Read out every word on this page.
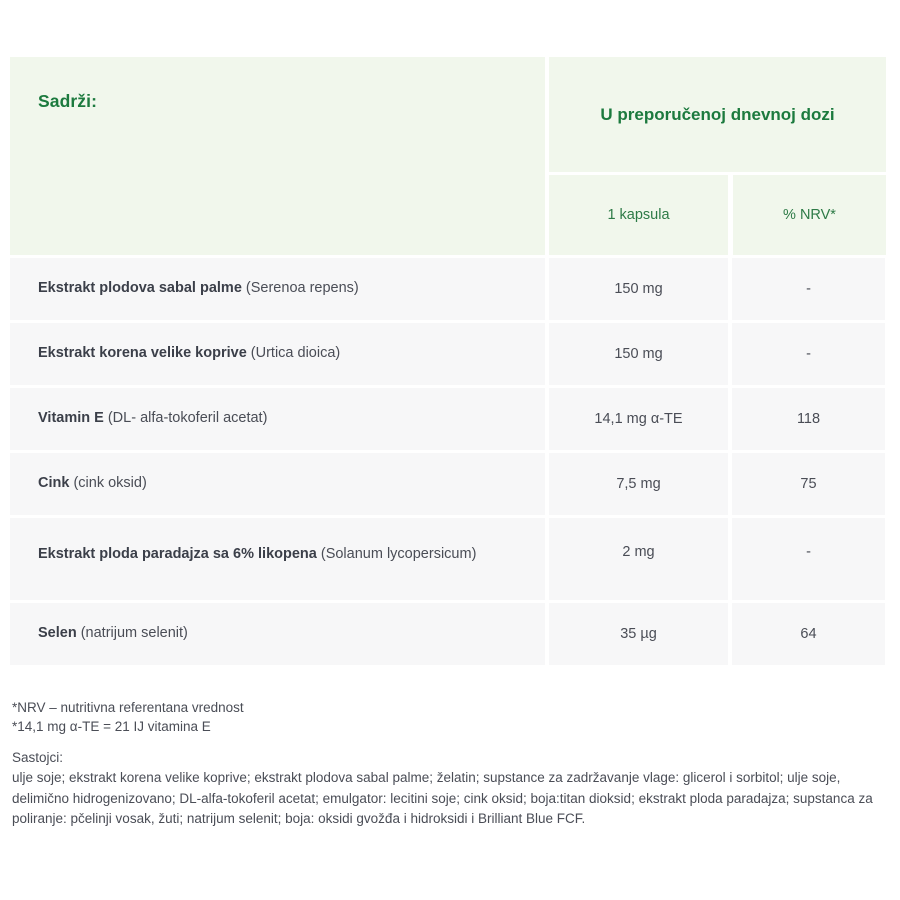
Sadrži:
U preporučenoj dnevnoj dozi
1 kapsula	% NRV*
Ekstrakt plodova sabal palme (Serenoa repens)	150 mg	-
Ekstrakt korena velike koprive (Urtica dioica)	150 mg	-
Vitamin E (DL- alfa-tokoferil acetat)	14,1 mg α-TE	118
Cink (cink oksid)	7,5 mg	75
Ekstrakt ploda paradajza sa 6% likopena (Solanum lycopersicum)	2 mg	-
Selen (natrijum selenit)	35 µg	64
*NRV – nutritivna referentana vrednost
*14,1 mg α-TE = 21 IJ vitamina E
Sastojci:
ulje soje; ekstrakt korena velike koprive; ekstrakt plodova sabal palme; želatin; supstance za zadržavanje vlage: glicerol i sorbitol; ulje soje, delimično hidrogenizovano; DL-alfa-tokoferil acetat; emulgator: lecitini soje; cink oksid; boja:titan dioksid; ekstrakt ploda paradajza; supstanca za poliranje: pčelinji vosak, žuti; natrijum selenit; boja: oksidi gvožđa i hidroksidi i Brilliant Blue FCF.
